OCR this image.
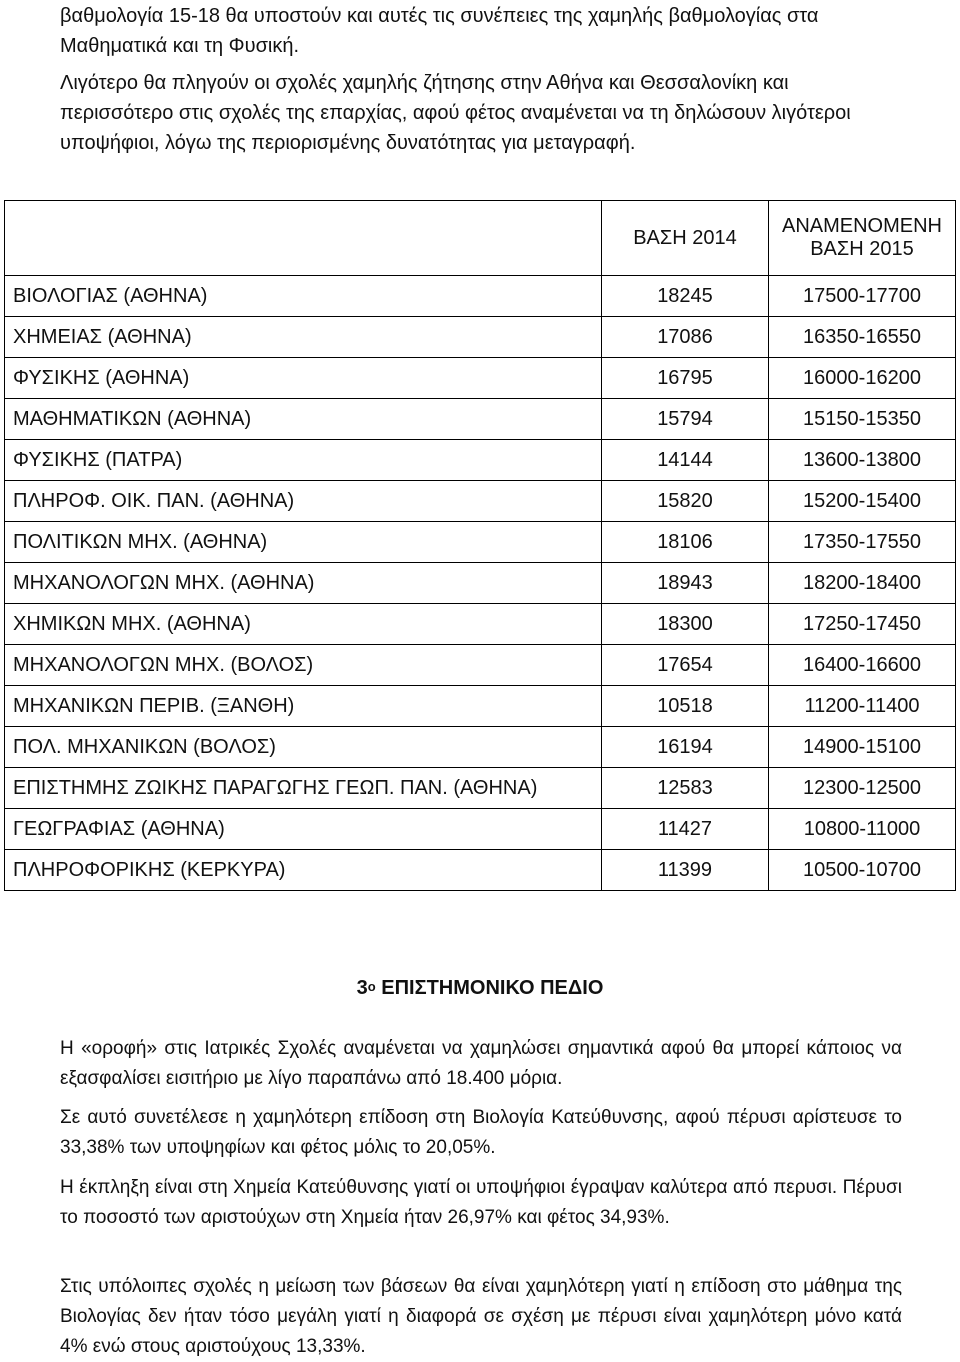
βαθμολογία 15-18 θα υποστούν και αυτές τις συνέπειες της χαμηλής βαθμολογίας στα Μαθηματικά και τη Φυσική.

Λιγότερο θα πληγούν οι σχολές χαμηλής ζήτησης στην Αθήνα και Θεσσαλονίκη και περισσότερο στις σχολές της επαρχίας, αφού φέτος αναμένεται να τη δηλώσουν λιγότεροι υποψήφιοι, λόγω της περιορισμένης δυνατότητας για μεταγραφή.

	ΒΑΣΗ 2014	ΑΝΑΜΕΝΟΜΕΝΗ
ΒΑΣΗ 2015

ΒΙΟΛΟΓΙΑΣ (ΑΘΗΝΑ)	18245	17500-17700
ΧΗΜΕΙΑΣ (ΑΘΗΝΑ)	17086	16350-16550
ΦΥΣΙΚΗΣ (ΑΘΗΝΑ)	16795	16000-16200
ΜΑΘΗΜΑΤΙΚΩΝ (ΑΘΗΝΑ)	15794	15150-15350
ΦΥΣΙΚΗΣ (ΠΑΤΡΑ)	14144	13600-13800
ΠΛΗΡΟΦ. ΟΙΚ. ΠΑΝ. (ΑΘΗΝΑ)	15820	15200-15400
ΠΟΛΙΤΙΚΩΝ ΜΗΧ. (ΑΘΗΝΑ)	18106	17350-17550
ΜΗΧΑΝΟΛΟΓΩΝ ΜΗΧ. (ΑΘΗΝΑ)	18943	18200-18400
ΧΗΜΙΚΩΝ ΜΗΧ. (ΑΘΗΝΑ)	18300	17250-17450
ΜΗΧΑΝΟΛΟΓΩΝ ΜΗΧ. (ΒΟΛΟΣ)	17654	16400-16600
ΜΗΧΑΝΙΚΩΝ ΠΕΡΙΒ. (ΞΑΝΘΗ)	10518	11200-11400
ΠΟΛ. ΜΗΧΑΝΙΚΩΝ (ΒΟΛΟΣ)	16194	14900-15100
ΕΠΙΣΤΗΜΗΣ ΖΩΙΚΗΣ ΠΑΡΑΓΩΓΗΣ ΓΕΩΠ. ΠΑΝ. (ΑΘΗΝΑ)	12583	12300-12500
ΓΕΩΓΡΑΦΙΑΣ (ΑΘΗΝΑ)	11427	10800-11000
ΠΛΗΡΟΦΟΡΙΚΗΣ (ΚΕΡΚΥΡΑ)	11399	10500-10700
$3^o$ ΕΠΙΣΤΗΜΟΝΙΚΟ ΠΕΔΙΟ

Η «οροφή» στις Ιατρικές Σχολές αναμένεται να χαμηλώσει σημαντικά αφού θα μπορεί κάποιος να εξασφαλίσει εισιτήριο με λίγο παραπάνω από 18.400 μόρια.

Σε αυτό συνετέλεσε η χαμηλότερη επίδοση στη Βιολογία Κατεύθυνσης, αφού πέρυσι αρίστευσε το 33,38% των υποψηφίων και φέτος μόλις το 20,05%.

Η έκπληξη είναι στη Χημεία Κατεύθυνσης γιατί οι υποψήφιοι έγραψαν καλύτερα από περυσι. Πέρυσι το ποσοστό των αριστούχων στη Χημεία ήταν 26,97% και φέτος 34,93%.

Στις υπόλοιπες σχολές η μείωση των βάσεων θα είναι χαμηλότερη γιατί η επίδοση στο μάθημα της Βιολογίας δεν ήταν τόσο μεγάλη γιατί η διαφορά σε σχέση με πέρυσι είναι χαμηλότερη μόνο κατά 4% ενώ στους αριστούχους 13,33%.
